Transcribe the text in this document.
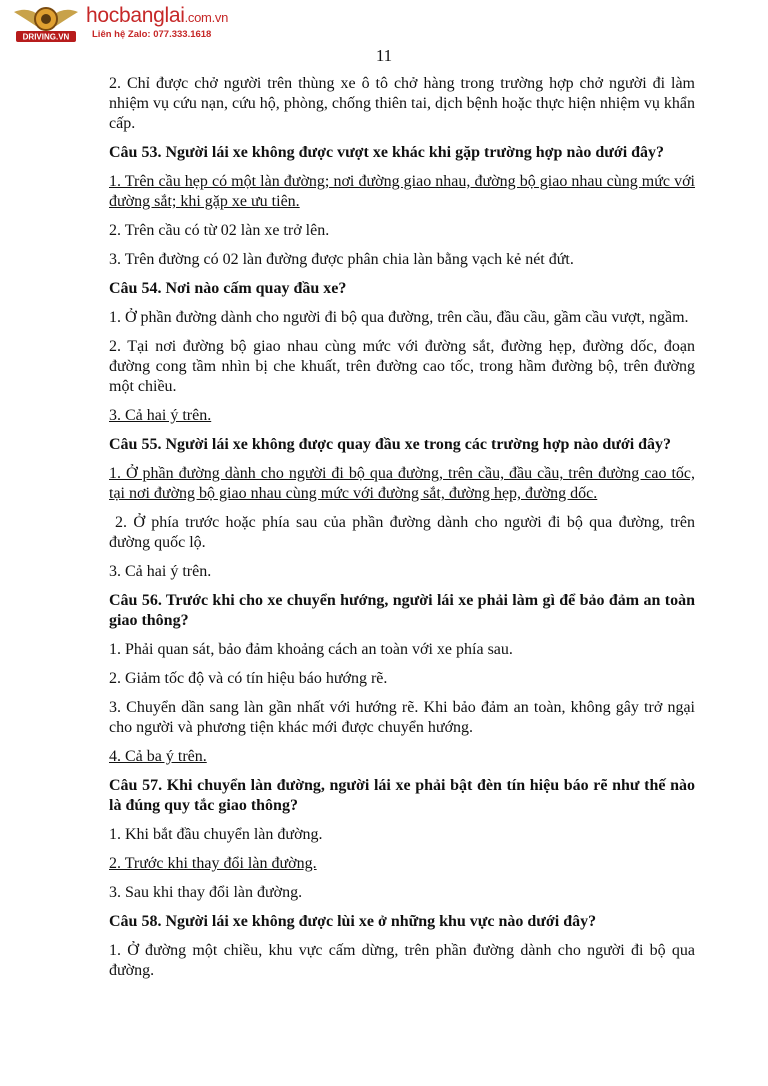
DRIVING.VN
hocbanglai.com.vn
Liên hệ Zalo: 077.333.1618
11

2. Chỉ được chở người trên thùng xe ô tô chở hàng trong trường hợp chở người đi làm nhiệm vụ cứu nạn, cứu hộ, phòng, chống thiên tai, dịch bệnh hoặc thực hiện nhiệm vụ khẩn cấp.

Câu 53. Người lái xe không được vượt xe khác khi gặp trường hợp nào dưới đây?

1. Trên cầu hẹp có một làn đường; nơi đường giao nhau, đường bộ giao nhau cùng mức với đường sắt; khi gặp xe ưu tiên.

2. Trên cầu có từ 02 làn xe trở lên.

3. Trên đường có 02 làn đường được phân chia làn bằng vạch kẻ nét đứt.

Câu 54. Nơi nào cấm quay đầu xe?

1. Ở phần đường dành cho người đi bộ qua đường, trên cầu, đầu cầu, gầm cầu vượt, ngầm.

2. Tại nơi đường bộ giao nhau cùng mức với đường sắt, đường hẹp, đường dốc, đoạn đường cong tầm nhìn bị che khuất, trên đường cao tốc, trong hầm đường bộ, trên đường một chiều.

3. Cả hai ý trên.

Câu 55. Người lái xe không được quay đầu xe trong các trường hợp nào dưới đây?

1. Ở phần đường dành cho người đi bộ qua đường, trên cầu, đầu cầu, trên đường cao tốc, tại nơi đường bộ giao nhau cùng mức với đường sắt, đường hẹp, đường dốc.

2. Ở phía trước hoặc phía sau của phần đường dành cho người đi bộ qua đường, trên đường quốc lộ.

3. Cả hai ý trên.

Câu 56. Trước khi cho xe chuyển hướng, người lái xe phải làm gì để bảo đảm an toàn giao thông?

1. Phải quan sát, bảo đảm khoảng cách an toàn với xe phía sau.

2. Giảm tốc độ và có tín hiệu báo hướng rẽ.

3. Chuyển dần sang làn gần nhất với hướng rẽ. Khi bảo đảm an toàn, không gây trở ngại cho người và phương tiện khác mới được chuyển hướng.

4. Cả ba ý trên.

Câu 57. Khi chuyển làn đường, người lái xe phải bật đèn tín hiệu báo rẽ như thế nào là đúng quy tắc giao thông?

1. Khi bắt đầu chuyển làn đường.

2. Trước khi thay đổi làn đường.

3. Sau khi thay đổi làn đường.

Câu 58. Người lái xe không được lùi xe ở những khu vực nào dưới đây?

1. Ở đường một chiều, khu vực cấm dừng, trên phần đường dành cho người đi bộ qua đường.
